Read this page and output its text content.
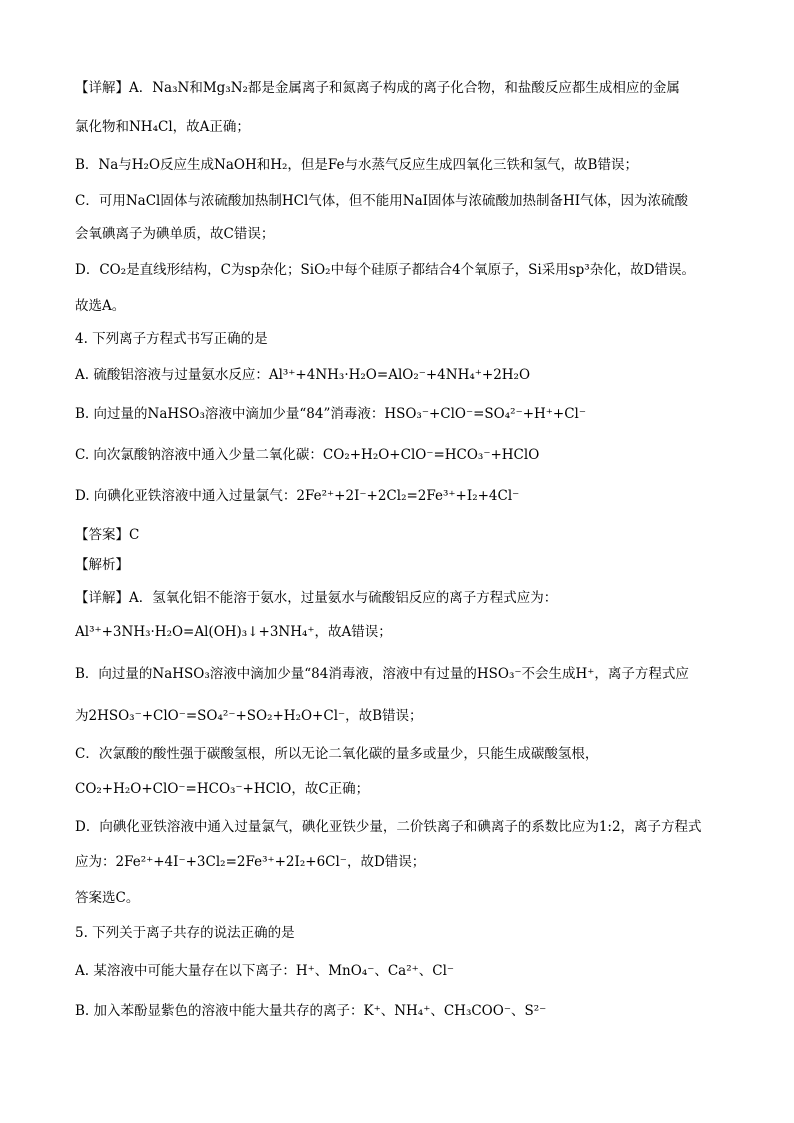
【详解】A．Na₃N和Mg₃N₂都是金属离子和氮离子构成的离子化合物，和盐酸反应都生成相应的金属
氯化物和NH₄Cl，故A正确；
B．Na与H₂O反应生成NaOH和H₂，但是Fe与水蒸气反应生成四氧化三铁和氢气，故B错误；
C．可用NaCl固体与浓硫酸加热制HCl气体，但不能用NaI固体与浓硫酸加热制备HI气体，因为浓硫酸
会氧碘离子为碘单质，故C错误；
D．CO₂是直线形结构，C为sp杂化；SiO₂中每个硅原子都结合4个氧原子，Si采用sp³杂化，故D错误。
故选A。
4. 下列离子方程式书写正确的是
A. 硫酸铝溶液与过量氨水反应：Al³⁺+4NH₃·H₂O=AlO₂⁻+4NH₄⁺+2H₂O
B. 向过量的NaHSO₃溶液中滴加少量“84”消毒液：HSO₃⁻+ClO⁻=SO₄²⁻+H⁺+Cl⁻
C. 向次氯酸钠溶液中通入少量二氧化碳：CO₂+H₂O+ClO⁻=HCO₃⁻+HClO
D. 向碘化亚铁溶液中通入过量氯气：2Fe²⁺+2I⁻+2Cl₂=2Fe³⁺+I₂+4Cl⁻
【答案】C
【解析】
【详解】A．氢氧化铝不能溶于氨水，过量氨水与硫酸铝反应的离子方程式应为：
Al³⁺+3NH₃·H₂O=Al(OH)₃↓+3NH₄⁺，故A错误；
B．向过量的NaHSO₃溶液中滴加少量“84消毒液，溶液中有过量的HSO₃⁻不会生成H⁺，离子方程式应
为2HSO₃⁻+ClO⁻=SO₄²⁻+SO₂+H₂O+Cl⁻，故B错误；
C．次氯酸的酸性强于碳酸氢根，所以无论二氧化碳的量多或量少，只能生成碳酸氢根，
CO₂+H₂O+ClO⁻=HCO₃⁻+HClO，故C正确；
D．向碘化亚铁溶液中通入过量氯气，碘化亚铁少量，二价铁离子和碘离子的系数比应为1:2，离子方程式
应为：2Fe²⁺+4I⁻+3Cl₂=2Fe³⁺+2I₂+6Cl⁻，故D错误；
答案选C。
5. 下列关于离子共存的说法正确的是
A. 某溶液中可能大量存在以下离子：H⁺、MnO₄⁻、Ca²⁺、Cl⁻
B. 加入苯酚显紫色的溶液中能大量共存的离子：K⁺、NH₄⁺、CH₃COO⁻、S²⁻
